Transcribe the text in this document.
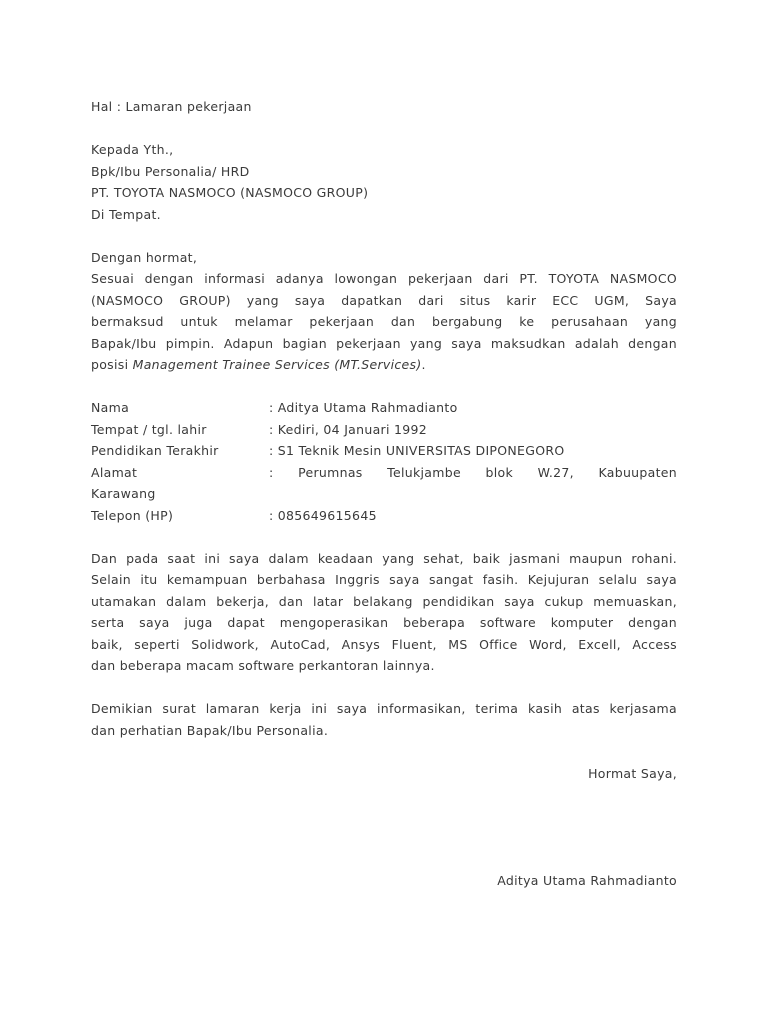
Hal : Lamaran pekerjaan
Kepada Yth.,
Bpk/Ibu Personalia/ HRD
PT. TOYOTA NASMOCO (NASMOCO GROUP)
Di Tempat.
Dengan hormat,
Sesuai dengan informasi adanya lowongan pekerjaan dari PT. TOYOTA NASMOCO
(NASMOCO GROUP) yang saya dapatkan dari situs karir ECC UGM, Saya
bermaksud untuk melamar pekerjaan dan bergabung ke perusahaan yang
Bapak/Ibu pimpin. Adapun bagian pekerjaan yang saya maksudkan adalah dengan
posisi Management Trainee Services (MT.Services).
Nama	: Aditya Utama Rahmadianto
Tempat / tgl. lahir	: Kediri, 04 Januari 1992
Pendidikan Terakhir	: S1 Teknik Mesin UNIVERSITAS DIPONEGORO
Alamat	: Perumnas Telukjambe blok W.27, Kabuupaten
Karawang
Telepon (HP)	: 085649615645
Dan pada saat ini saya dalam keadaan yang sehat, baik jasmani maupun rohani.
Selain itu kemampuan berbahasa Inggris saya sangat fasih. Kejujuran selalu saya
utamakan dalam bekerja, dan latar belakang pendidikan saya cukup memuaskan,
serta saya juga dapat mengoperasikan beberapa software komputer dengan
baik, seperti Solidwork, AutoCad, Ansys Fluent, MS Office Word, Excell, Access
dan beberapa macam software perkantoran lainnya.
Demikian surat lamaran kerja ini saya informasikan, terima kasih atas kerjasama
dan perhatian Bapak/Ibu Personalia.
Hormat Saya,
Aditya Utama Rahmadianto
